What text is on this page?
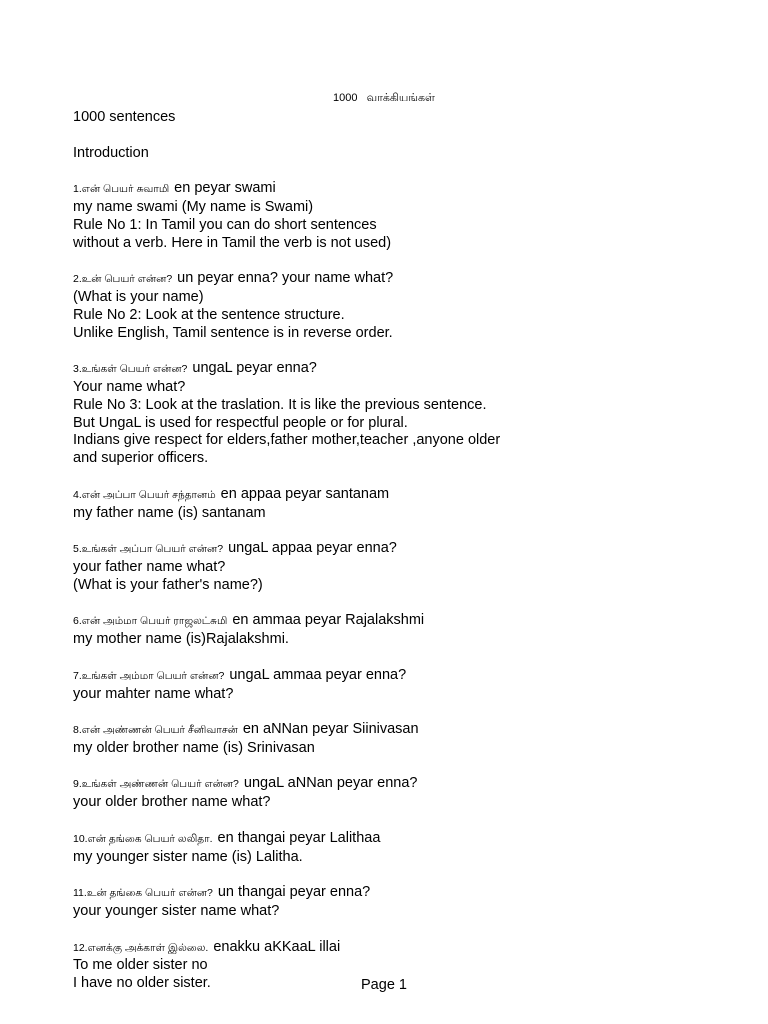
1000 வாக்கியங்கள்
1000 sentences
Introduction
1.என் பெயர் சுவாமி en peyar swami
my name swami (My name is Swami)
Rule No 1: In Tamil you can do short sentences
without a verb. Here in Tamil the verb is not used)
2.உன் பெயர் என்ன? un peyar enna? your name what?
(What is your name)
Rule No 2: Look at the sentence structure.
Unlike English, Tamil sentence is in reverse order.
3.உங்கள் பெயர் என்ன? ungaL peyar enna?
Your name what?
Rule No 3: Look at the traslation. It is like the previous sentence.
But UngaL is used for respectful people or for plural.
Indians give respect for elders,father mother,teacher ,anyone older
and superior officers.
4.என் அப்பா பெயர் சந்தானம் en appaa peyar santanam
my father name (is) santanam
5.உங்கள் அப்பா பெயர் என்ன? ungaL appaa peyar enna?
your father name what?
(What is your father's name?)
6.என் அம்மா பெயர் ராஜலட்சுமி en ammaa peyar Rajalakshmi
my mother name (is)Rajalakshmi.
7.உங்கள் அம்மா பெயர் என்ன? ungaL ammaa peyar enna?
your mahter name what?
8.என் அண்ணன் பெயர் சீனிவாசன் en aNNan peyar Siinivasan
my older brother name (is) Srinivasan
9.உங்கள் அண்ணன் பெயர் என்ன? ungaL aNNan peyar enna?
your older brother name what?
10.என் தங்கை பெயர் லலிதா. en thangai peyar Lalithaa
my younger sister name (is) Lalitha.
11.உன் தங்கை பெயர் என்ன? un thangai peyar enna?
your younger sister name what?
12.எனக்கு அக்காள் இல்லை. enakku aKKaaL illai
To me older sister no
I have no older sister.	Page 1
